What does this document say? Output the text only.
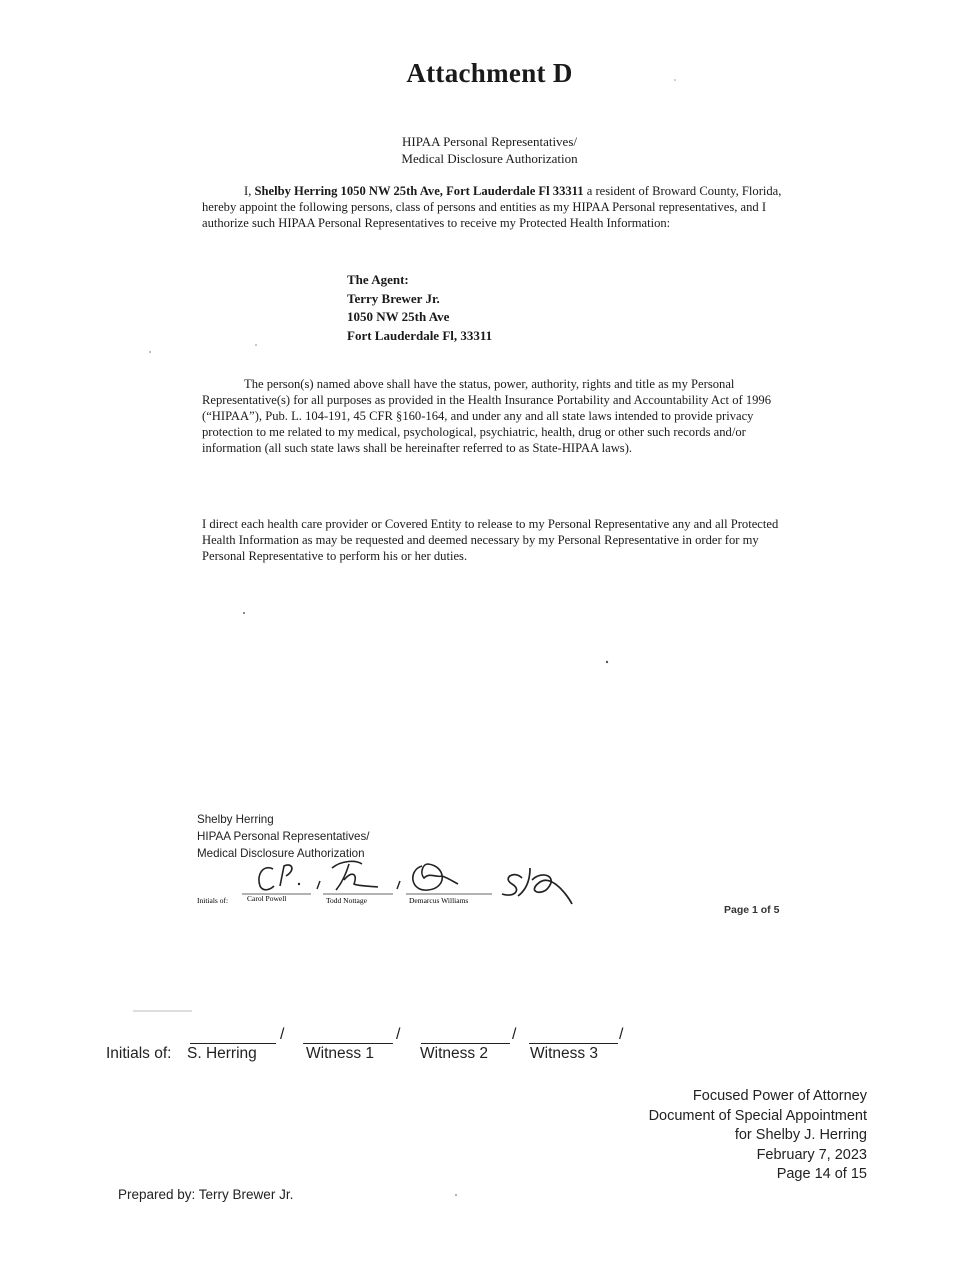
Attachment D
HIPAA Personal Representatives/
Medical Disclosure Authorization
I, Shelby Herring 1050 NW 25th Ave, Fort Lauderdale Fl 33311 a resident of Broward County, Florida, hereby appoint the following persons, class of persons and entities as my HIPAA Personal representatives, and I authorize such HIPAA Personal Representatives to receive my Protected Health Information:
The Agent:
Terry Brewer Jr.
1050 NW 25th Ave
Fort Lauderdale Fl, 33311
The person(s) named above shall have the status, power, authority, rights and title as my Personal Representative(s) for all purposes as provided in the Health Insurance Portability and Accountability Act of 1996 (“HIPAA”), Pub. L. 104-191, 45 CFR §160-164, and under any and all state laws intended to provide privacy protection to me related to my medical, psychological, psychiatric, health, drug or other such records and/or information (all such state laws shall be hereinafter referred to as State-HIPAA laws).
I direct each health care provider or Covered Entity to release to my Personal Representative any and all Protected Health Information as may be requested and deemed necessary by my Personal Representative in order for my Personal Representative to perform his or her duties.
Shelby Herring
HIPAA Personal Representatives/
Medical Disclosure Authorization
Initials of:	Carol Powell	Todd Nottage	Demarcus Williams
Page 1 of 5
Initials of:
/
S. Herring
/
Witness 1
/
Witness 2
/
Witness 3
Focused Power of Attorney
Document of Special Appointment
for Shelby J. Herring
February 7, 2023
Page 14 of 15
Prepared by: Terry Brewer Jr.
